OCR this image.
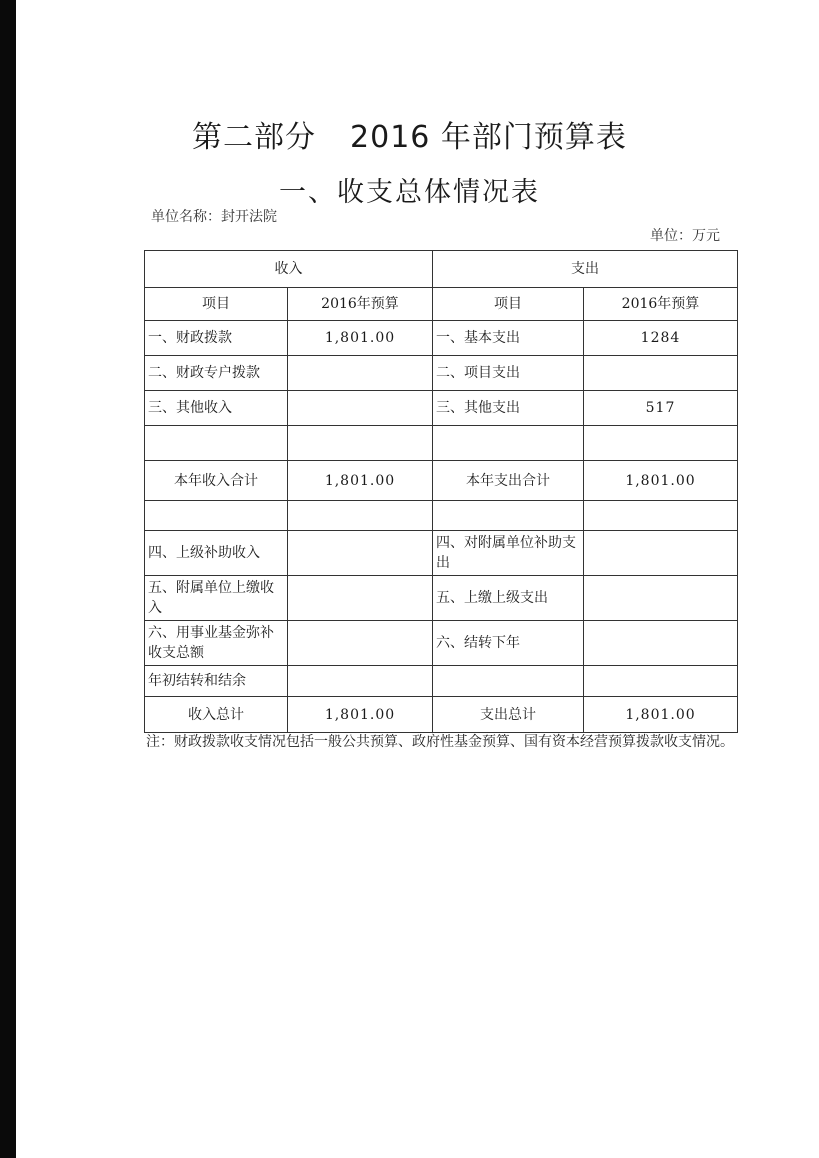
第二部分 2016 年部门预算表
一、收支总体情况表
单位名称：封开法院
单位：万元
收入		支出	
项目	2016年预算	项目	2016年预算
一、财政拨款	1,801.00	一、基本支出	1284
二、财政专户拨款		二、项目支出	
三、其他收入		三、其他支出	517

本年收入合计	1,801.00	本年支出合计	1,801.00

四、上级补助收入		四、对附属单位补助支出	
五、附属单位上缴收入		五、上缴上级支出	
六、用事业基金弥补收支总额		六、结转下年	
年初结转和结余			
收入总计	1,801.00	支出总计	1,801.00
注：财政拨款收支情况包括一般公共预算、政府性基金预算、国有资本经营预算拨款收支情况。
